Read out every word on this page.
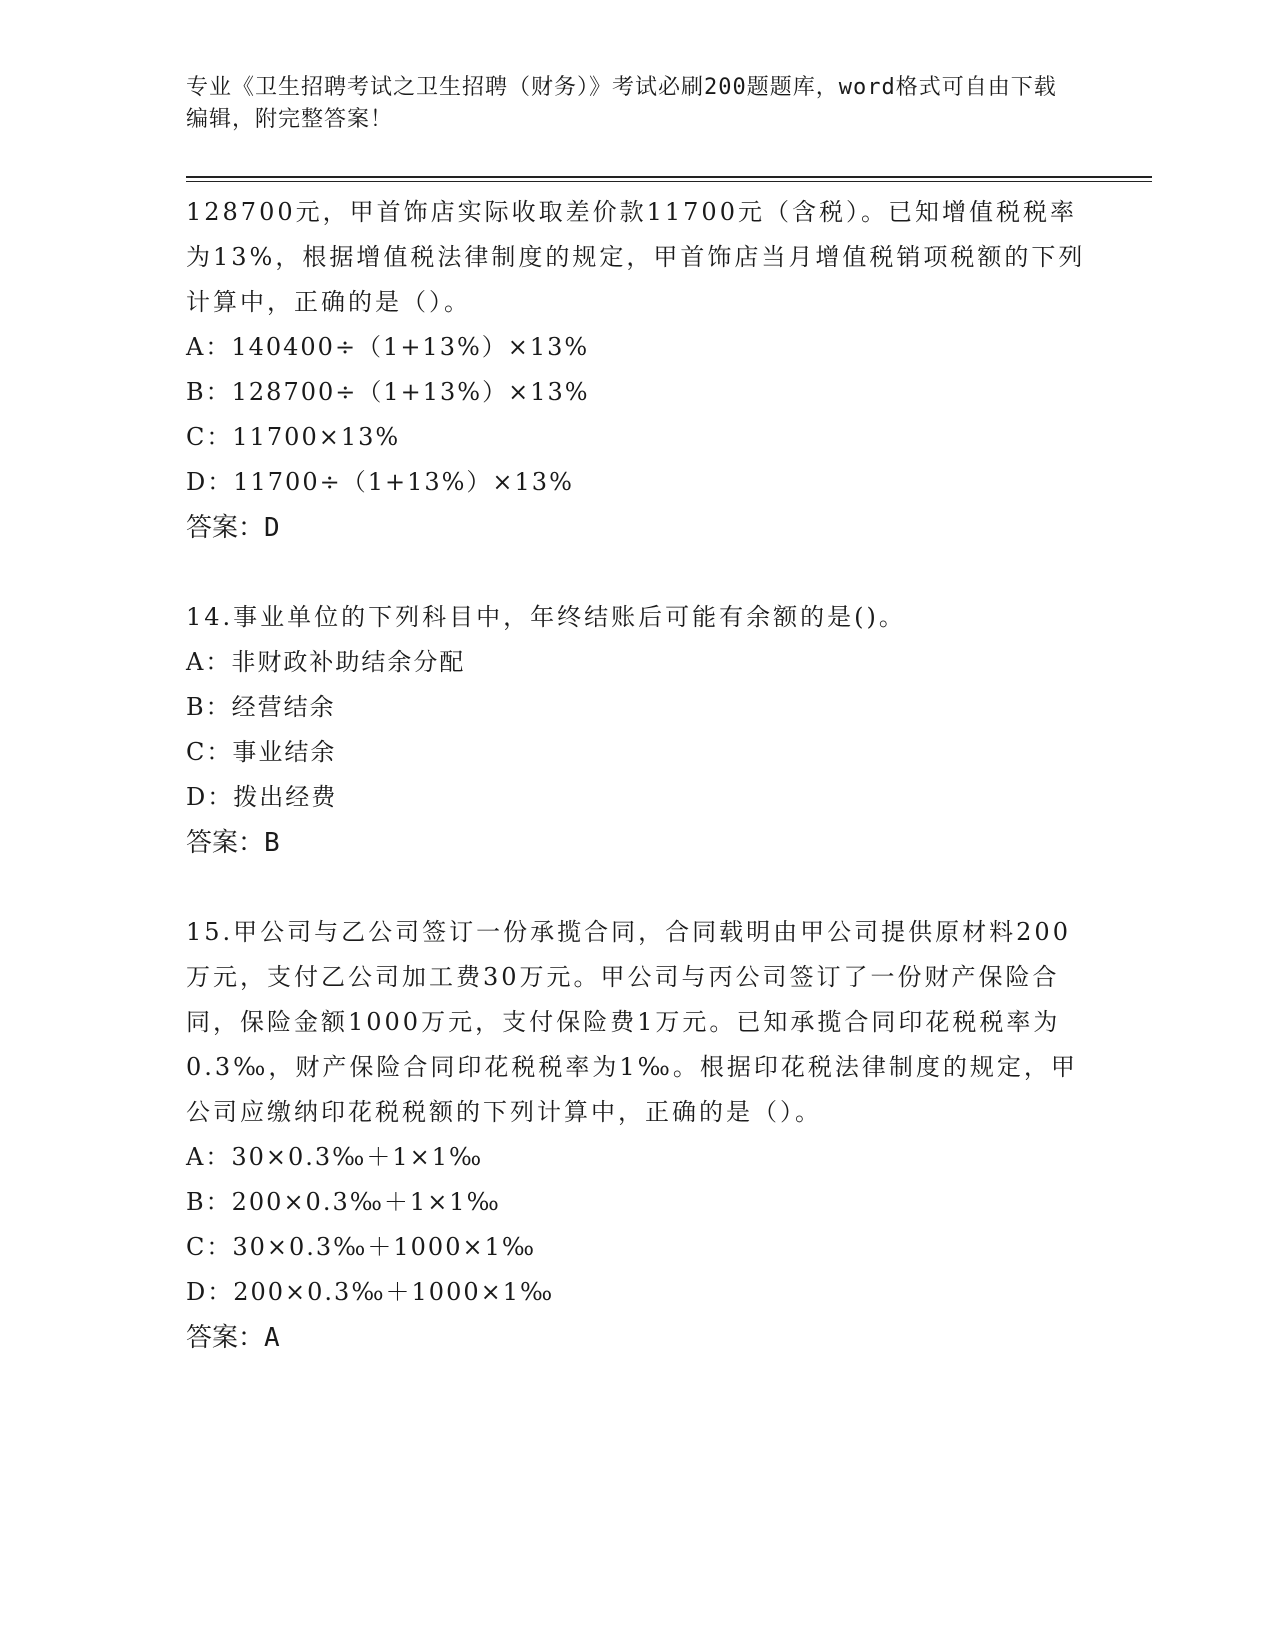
专业《卫生招聘考试之卫生招聘（财务）》考试必刷200题题库，word格式可自由下载编辑，附完整答案！

128700元，甲首饰店实际收取差价款11700元（含税）。已知增值税税率为13%，根据增值税法律制度的规定，甲首饰店当月增值税销项税额的下列计算中，正确的是（）。

A：140400÷（1+13%）×13%

B：128700÷（1+13%）×13%

C：11700×13%

D：11700÷（1+13%）×13%

答案：D

14.事业单位的下列科目中，年终结账后可能有余额的是()。

A：非财政补助结余分配

B：经营结余

C：事业结余

D：拨出经费

答案：B

15.甲公司与乙公司签订一份承揽合同，合同载明由甲公司提供原材料200万元，支付乙公司加工费30万元。甲公司与丙公司签订了一份财产保险合同，保险金额1000万元，支付保险费1万元。已知承揽合同印花税税率为0.3‰，财产保险合同印花税税率为1‰。根据印花税法律制度的规定，甲公司应缴纳印花税税额的下列计算中，正确的是（）。

A：30×0.3‰＋1×1‰

B：200×0.3‰＋1×1‰

C：30×0.3‰＋1000×1‰

D：200×0.3‰＋1000×1‰

答案：A
